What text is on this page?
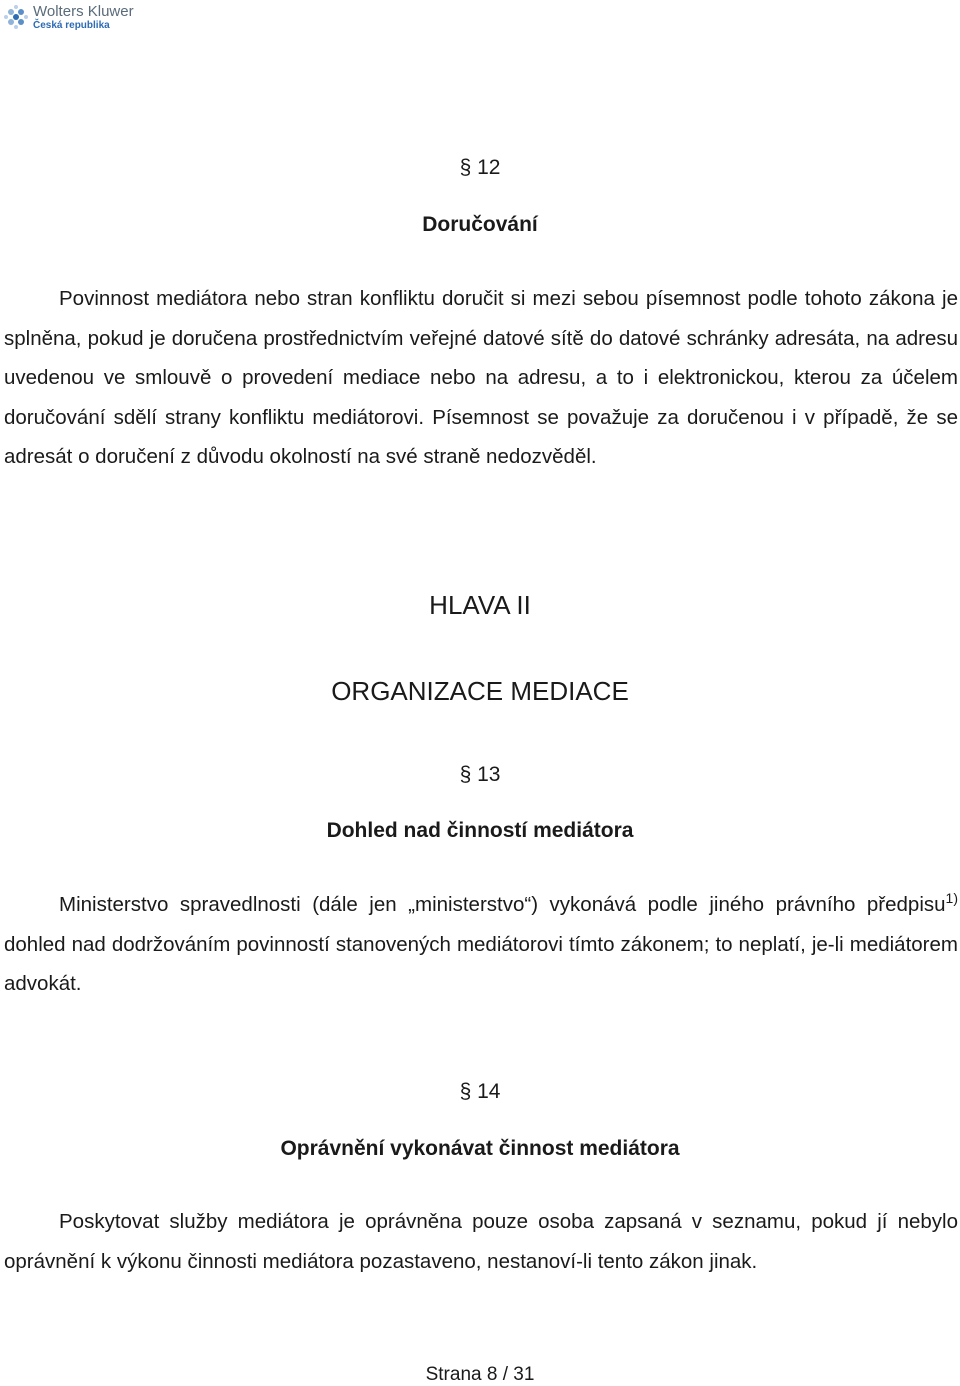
Wolters Kluwer
Česká republika
§ 12
Doručování
Povinnost mediátora nebo stran konfliktu doručit si mezi sebou písemnost podle tohoto zákona je splněna, pokud je doručena prostřednictvím veřejné datové sítě do datové schránky adresáta, na adresu uvedenou ve smlouvě o provedení mediace nebo na adresu, a to i elektronickou, kterou za účelem doručování sdělí strany konfliktu mediátorovi. Písemnost se považuje za doručenou i v případě, že se adresát o doručení z důvodu okolností na své straně nedozvěděl.
HLAVA II
ORGANIZACE MEDIACE
§ 13
Dohled nad činností mediátora
Ministerstvo spravedlnosti (dále jen „ministerstvo“) vykonává podle jiného právního předpisu$^{1)}$ dohled nad dodržováním povinností stanovených mediátorovi tímto zákonem; to neplatí, je-li mediátorem advokát.
§ 14
Oprávnění vykonávat činnost mediátora
Poskytovat služby mediátora je oprávněna pouze osoba zapsaná v seznamu, pokud jí nebylo oprávnění k výkonu činnosti mediátora pozastaveno, nestanoví-li tento zákon jinak.
Strana 8 / 31
